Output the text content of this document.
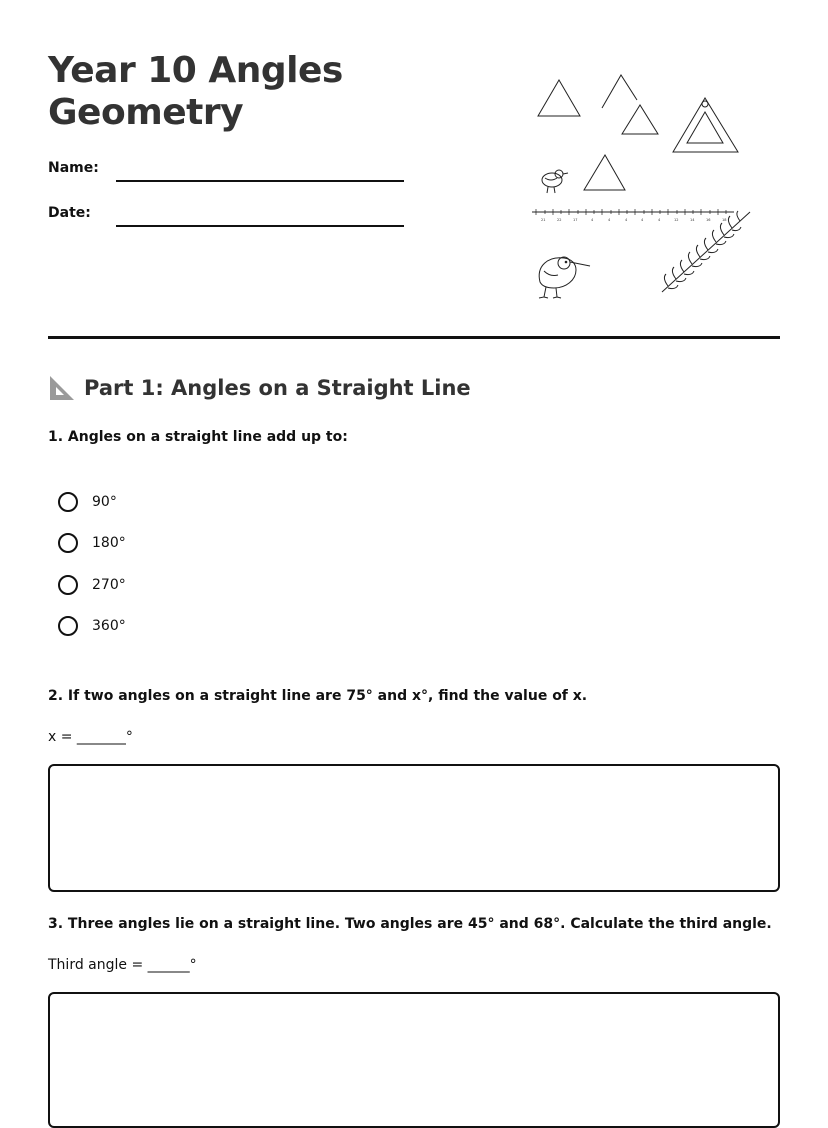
Year 10 Angles
Geometry
Name:
Date:	21	22	17	4	4	4	4	4	12	14	16	18
Part 1: Angles on a Straight Line
1. Angles on a straight line add up to:
90°
180°
270°
360°
2. If two angles on a straight line are 75° and x°, find the value of x.
x = _______°
3. Three angles lie on a straight line. Two angles are 45° and 68°. Calculate the third angle.
Third angle = ______°
